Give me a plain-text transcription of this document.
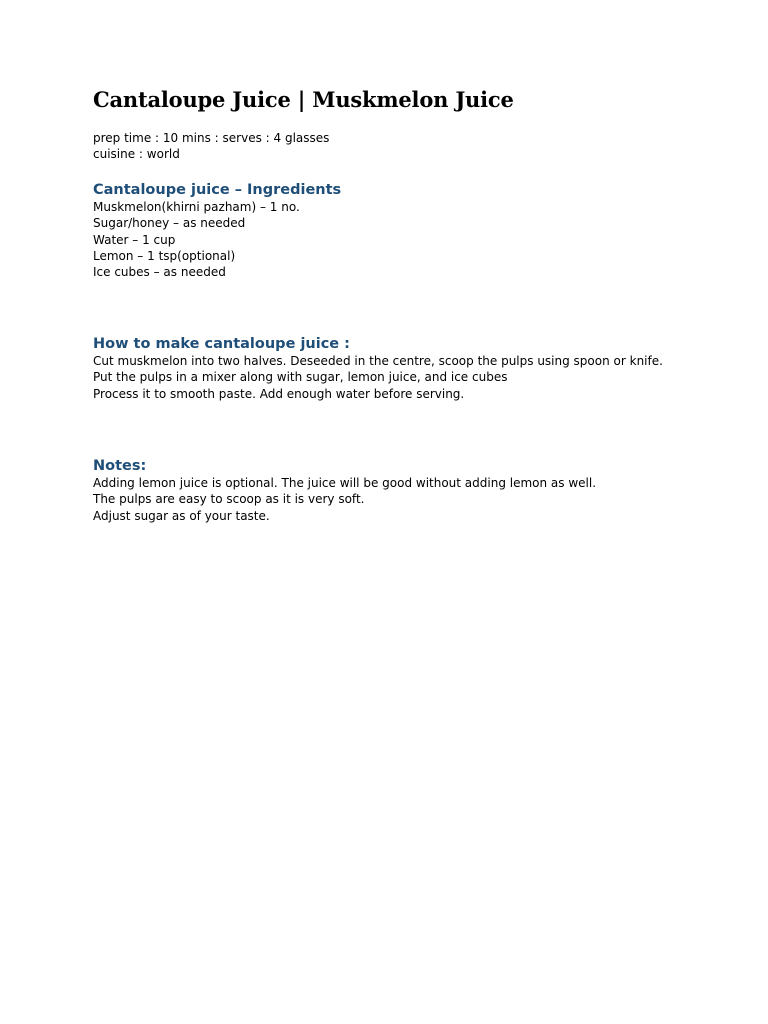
Cantaloupe Juice | Muskmelon Juice
prep time : 10 mins : serves : 4 glasses
cuisine : world
Cantaloupe juice – Ingredients
Muskmelon(khirni pazham) – 1 no.
Sugar/honey – as needed
Water – 1 cup
Lemon – 1 tsp(optional)
Ice cubes – as needed
How to make cantaloupe juice :
Cut muskmelon into two halves. Deseeded in the centre, scoop the pulps using spoon or knife.
Put the pulps in a mixer along with sugar, lemon juice, and ice cubes
Process it to smooth paste. Add enough water before serving.
Notes:
Adding lemon juice is optional. The juice will be good without adding lemon as well.
The pulps are easy to scoop as it is very soft.
Adjust sugar as of your taste.
